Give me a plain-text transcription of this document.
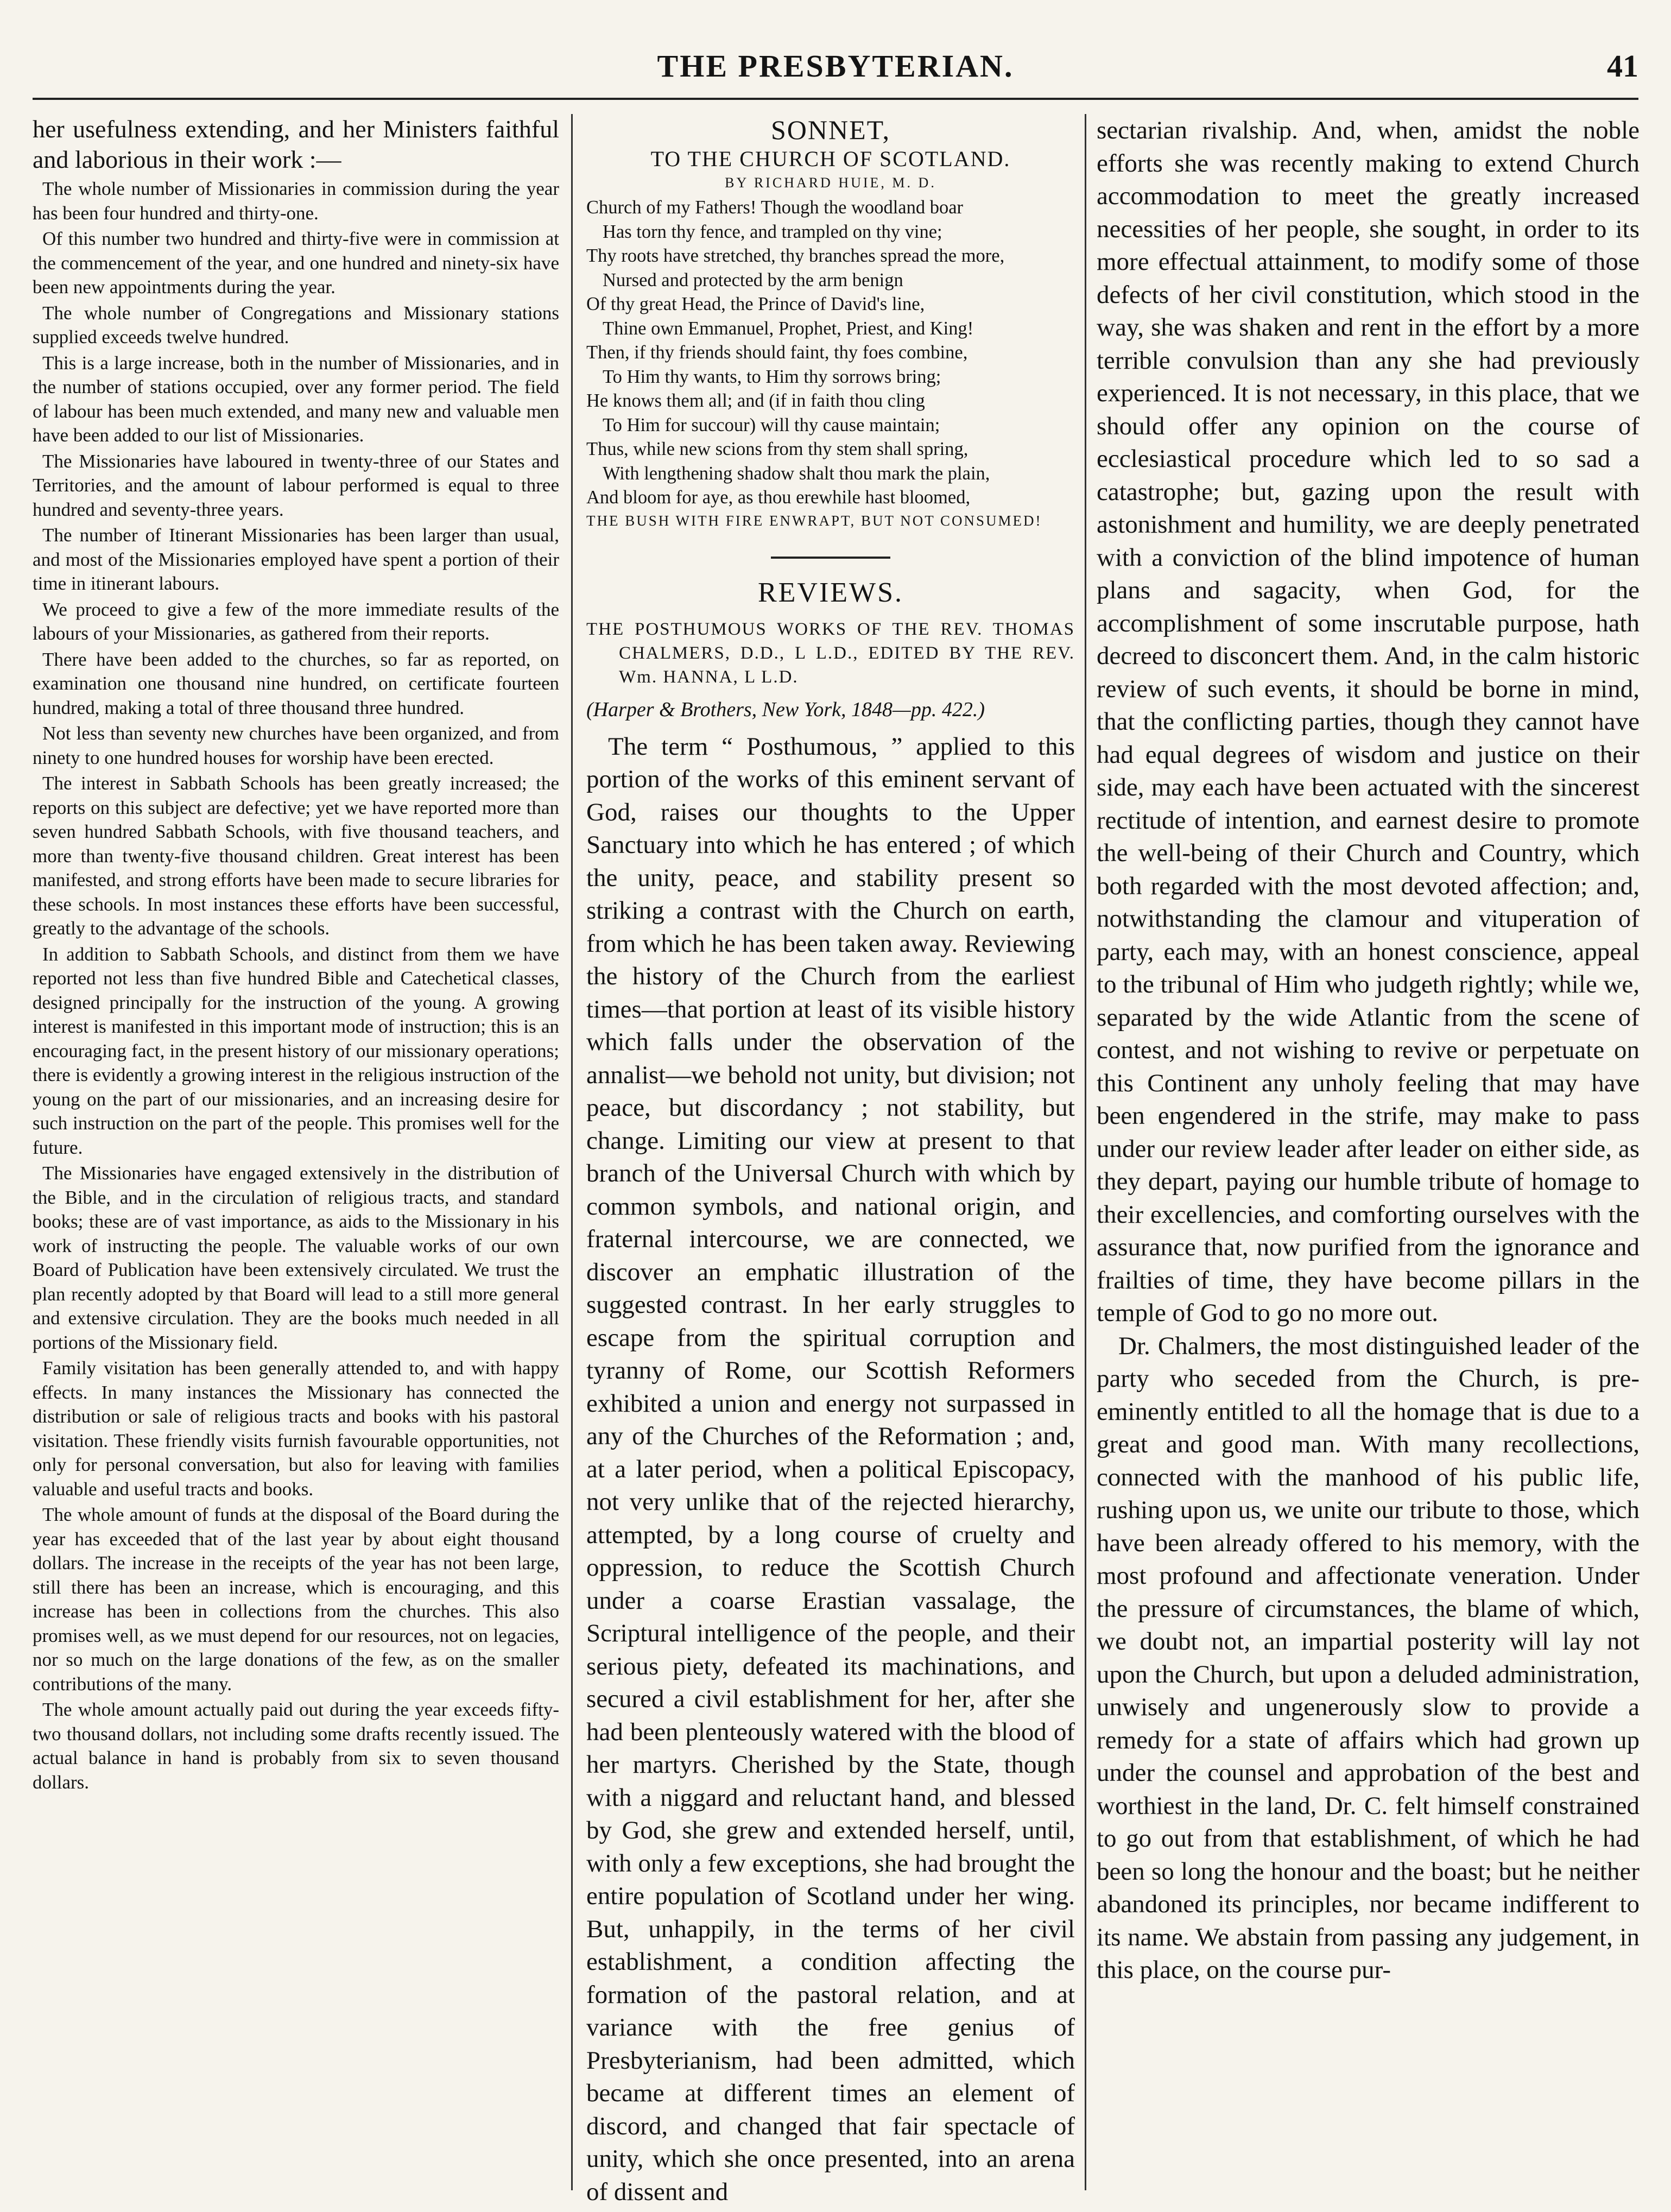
THE PRESBYTERIAN.	41

her usefulness extending, and her Ministers faithful and laborious in their work :—

The whole number of Missionaries in commission during the year has been four hundred and thirty-one.

Of this number two hundred and thirty-five were in commission at the commencement of the year, and one hundred and ninety-six have been new appointments during the year.

The whole number of Congregations and Missionary stations supplied exceeds twelve hundred.

This is a large increase, both in the number of Missionaries, and in the number of stations occupied, over any former period. The field of labour has been much extended, and many new and valuable men have been added to our list of Missionaries.

The Missionaries have laboured in twenty-three of our States and Territories, and the amount of labour performed is equal to three hundred and seventy-three years.

The number of Itinerant Missionaries has been larger than usual, and most of the Missionaries employed have spent a portion of their time in itinerant labours.

We proceed to give a few of the more immediate results of the labours of your Missionaries, as gathered from their reports.

There have been added to the churches, so far as reported, on examination one thousand nine hundred, on certificate fourteen hundred, making a total of three thousand three hundred.

Not less than seventy new churches have been organized, and from ninety to one hundred houses for worship have been erected.

The interest in Sabbath Schools has been greatly increased; the reports on this subject are defective; yet we have reported more than seven hundred Sabbath Schools, with five thousand teachers, and more than twenty-five thousand children. Great interest has been manifested, and strong efforts have been made to secure libraries for these schools. In most instances these efforts have been successful, greatly to the advantage of the schools.

In addition to Sabbath Schools, and distinct from them we have reported not less than five hundred Bible and Catechetical classes, designed principally for the instruction of the young. A growing interest is manifested in this important mode of instruction; this is an encouraging fact, in the present history of our missionary operations; there is evidently a growing interest in the religious instruction of the young on the part of our missionaries, and an increasing desire for such instruction on the part of the people. This promises well for the future.

The Missionaries have engaged extensively in the distribution of the Bible, and in the circulation of religious tracts, and standard books; these are of vast importance, as aids to the Missionary in his work of instructing the people. The valuable works of our own Board of Publication have been extensively circulated. We trust the plan recently adopted by that Board will lead to a still more general and extensive circulation. They are the books much needed in all portions of the Missionary field.

Family visitation has been generally attended to, and with happy effects. In many instances the Missionary has connected the distribution or sale of religious tracts and books with his pastoral visitation. These friendly visits furnish favourable opportunities, not only for personal conversation, but also for leaving with families valuable and useful tracts and books.

The whole amount of funds at the disposal of the Board during the year has exceeded that of the last year by about eight thousand dollars. The increase in the receipts of the year has not been large, still there has been an increase, which is encouraging, and this increase has been in collections from the churches. This also promises well, as we must depend for our resources, not on legacies, nor so much on the large donations of the few, as on the smaller contributions of the many.

The whole amount actually paid out during the year exceeds fifty-two thousand dollars, not including some drafts recently issued. The actual balance in hand is probably from six to seven thousand dollars.

SONNET,
TO THE CHURCH OF SCOTLAND.
BY RICHARD HUIE, M. D.
Church of my Fathers! Though the woodland boar
Has torn thy fence, and trampled on thy vine;
Thy roots have stretched, thy branches spread the more,
Nursed and protected by the arm benign
Of thy great Head, the Prince of David's line,
Thine own Emmanuel, Prophet, Priest, and King!
Then, if thy friends should faint, thy foes combine,
To Him thy wants, to Him thy sorrows bring;
He knows them all; and (if in faith thou cling
To Him for succour) will thy cause maintain;
Thus, while new scions from thy stem shall spring,
With lengthening shadow shalt thou mark the plain,
And bloom for aye, as thou erewhile hast bloomed,
THE BUSH WITH FIRE ENWRAPT, BUT NOT CONSUMED!
REVIEWS.
THE POSTHUMOUS WORKS OF THE REV. THOMAS CHALMERS, D.D., L L.D., EDITED BY THE REV. Wm. HANNA, L L.D.
(Harper & Brothers, New York, 1848—pp. 422.)

The term “ Posthumous, ” applied to this portion of the works of this eminent servant of God, raises our thoughts to the Upper Sanctuary into which he has entered ; of which the unity, peace, and stability present so striking a contrast with the Church on earth, from which he has been taken away. Reviewing the history of the Church from the earliest times—that portion at least of its visible history which falls under the observation of the annalist—we behold not unity, but division; not peace, but discordancy ; not stability, but change. Limiting our view at present to that branch of the Universal Church with which by common symbols, and national origin, and fraternal intercourse, we are connected, we discover an emphatic illustration of the suggested contrast. In her early struggles to escape from the spiritual corruption and tyranny of Rome, our Scottish Reformers exhibited a union and energy not surpassed in any of the Churches of the Reformation ; and, at a later period, when a political Episcopacy, not very unlike that of the rejected hierarchy, attempted, by a long course of cruelty and oppression, to reduce the Scottish Church under a coarse Erastian vassalage, the Scriptural intelligence of the people, and their serious piety, defeated its machinations, and secured a civil establishment for her, after she had been plenteously watered with the blood of her martyrs. Cherished by the State, though with a niggard and reluctant hand, and blessed by God, she grew and extended herself, until, with only a few exceptions, she had brought the entire population of Scotland under her wing. But, unhappily, in the terms of her civil establishment, a condition affecting the formation of the pastoral relation, and at variance with the free genius of Presbyterianism, had been admitted, which became at different times an element of discord, and changed that fair spectacle of unity, which she once presented, into an arena of dissent and

sectarian rivalship. And, when, amidst the noble efforts she was recently making to extend Church accommodation to meet the greatly increased necessities of her people, she sought, in order to its more effectual attainment, to modify some of those defects of her civil constitution, which stood in the way, she was shaken and rent in the effort by a more terrible convulsion than any she had previously experienced. It is not necessary, in this place, that we should offer any opinion on the course of ecclesiastical procedure which led to so sad a catastrophe; but, gazing upon the result with astonishment and humility, we are deeply penetrated with a conviction of the blind impotence of human plans and sagacity, when God, for the accomplishment of some inscrutable purpose, hath decreed to disconcert them. And, in the calm historic review of such events, it should be borne in mind, that the conflicting parties, though they cannot have had equal degrees of wisdom and justice on their side, may each have been actuated with the sincerest rectitude of intention, and earnest desire to promote the well-being of their Church and Country, which both regarded with the most devoted affection; and, notwithstanding the clamour and vituperation of party, each may, with an honest conscience, appeal to the tribunal of Him who judgeth rightly; while we, separated by the wide Atlantic from the scene of contest, and not wishing to revive or perpetuate on this Continent any unholy feeling that may have been engendered in the strife, may make to pass under our review leader after leader on either side, as they depart, paying our humble tribute of homage to their excellencies, and comforting ourselves with the assurance that, now purified from the ignorance and frailties of time, they have become pillars in the temple of God to go no more out.

Dr. Chalmers, the most distinguished leader of the party who seceded from the Church, is pre-eminently entitled to all the homage that is due to a great and good man. With many recollections, connected with the manhood of his public life, rushing upon us, we unite our tribute to those, which have been already offered to his memory, with the most profound and affectionate veneration. Under the pressure of circumstances, the blame of which, we doubt not, an impartial posterity will lay not upon the Church, but upon a deluded administration, unwisely and ungenerously slow to provide a remedy for a state of affairs which had grown up under the counsel and approbation of the best and worthiest in the land, Dr. C. felt himself constrained to go out from that establishment, of which he had been so long the honour and the boast; but he neither abandoned its principles, nor became indifferent to its name. We abstain from passing any judgement, in this place, on the course pur-
